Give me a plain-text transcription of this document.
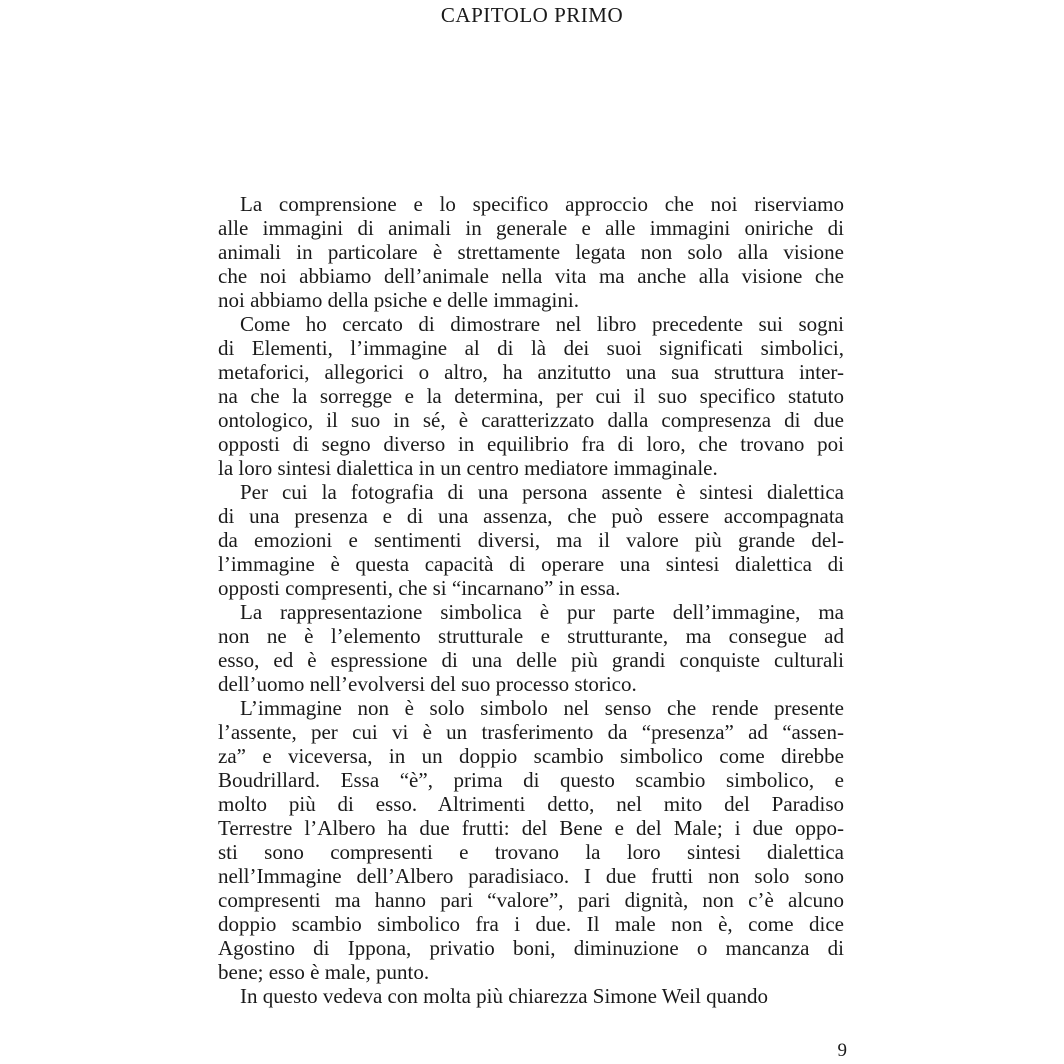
CAPITOLO PRIMO
La comprensione e lo specifico approccio che noi riserviamo
alle immagini di animali in generale e alle immagini oniriche di
animali in particolare è strettamente legata non solo alla visione
che noi abbiamo dell’animale nella vita ma anche alla visione che
noi abbiamo della psiche e delle immagini.
Come ho cercato di dimostrare nel libro precedente sui sogni
di Elementi, l’immagine al di là dei suoi significati simbolici,
metaforici, allegorici o altro, ha anzitutto una sua struttura inter-
na che la sorregge e la determina, per cui il suo specifico statuto
ontologico, il suo in sé, è caratterizzato dalla compresenza di due
opposti di segno diverso in equilibrio fra di loro, che trovano poi
la loro sintesi dialettica in un centro mediatore immaginale.
Per cui la fotografia di una persona assente è sintesi dialettica
di una presenza e di una assenza, che può essere accompagnata
da emozioni e sentimenti diversi, ma il valore più grande del-
l’immagine è questa capacità di operare una sintesi dialettica di
opposti compresenti, che si “incarnano” in essa.
La rappresentazione simbolica è pur parte dell’immagine, ma
non ne è l’elemento strutturale e strutturante, ma consegue ad
esso, ed è espressione di una delle più grandi conquiste culturali
dell’uomo nell’evolversi del suo processo storico.
L’immagine non è solo simbolo nel senso che rende presente
l’assente, per cui vi è un trasferimento da “presenza” ad “assen-
za” e viceversa, in un doppio scambio simbolico come direbbe
Boudrillard. Essa “è”, prima di questo scambio simbolico, e
molto più di esso. Altrimenti detto, nel mito del Paradiso
Terrestre l’Albero ha due frutti: del Bene e del Male; i due oppo-
sti sono compresenti e trovano la loro sintesi dialettica
nell’Immagine dell’Albero paradisiaco. I due frutti non solo sono
compresenti ma hanno pari “valore”, pari dignità, non c’è alcuno
doppio scambio simbolico fra i due. Il male non è, come dice
Agostino di Ippona, privatio boni, diminuzione o mancanza di
bene; esso è male, punto.
In questo vedeva con molta più chiarezza Simone Weil quando
9
